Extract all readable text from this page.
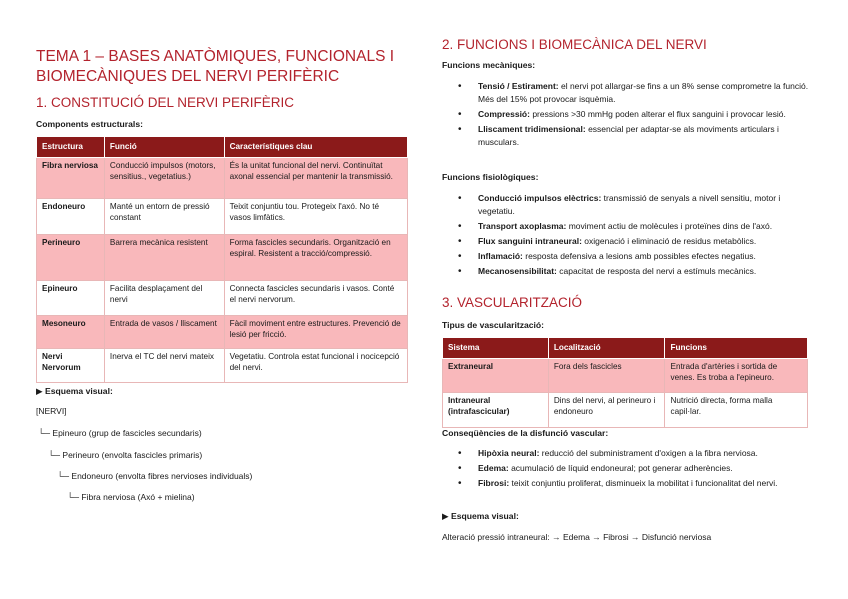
TEMA 1 – BASES ANATÒMIQUES, FUNCIONALS I
BIOMECÀNIQUES DEL NERVI PERIFÈRIC
1. CONSTITUCIÓ DEL NERVI PERIFÈRIC

Components estructurals:

Estructura	Funció	Característiques clau
Fibra nerviosa	Conducció impulsos (motors, sensitius., vegetatius.)	És la unitat funcional del nervi. Continuïtat axonal essencial per mantenir la transmissió.
Endoneuro	Manté un entorn de pressió constant	Teixit conjuntiu tou. Protegeix l'axó. No té vasos limfàtics.
Perineuro	Barrera mecànica resistent	Forma fascicles secundaris. Organització en espiral. Resistent a tracció/compressió.
Epineuro	Facilita desplaçament del nervi	Connecta fascicles secundaris i vasos. Conté el nervi nervorum.
Mesoneuro	Entrada de vasos / lliscament	Fàcil moviment entre estructures. Prevenció de lesió per fricció.
Nervi Nervorum	Inerva el TC del nervi mateix	Vegetatiu. Controla estat funcional i nocicepció del nervi.

▶ Esquema visual:

[NERVI]
└─ Epineuro (grup de fascicles secundaris)
└─ Perineuro (envolta fascicles primaris)
└─ Endoneuro (envolta fibres nervioses individuals)
└─ Fibra nerviosa (Axó + mielina)
2. FUNCIONS I BIOMECÀNICA DEL NERVI

Funcions mecàniques:

• Tensió / Estirament: el nervi pot allargar-se fins a un 8% sense comprometre la funció. Més del 15% pot provocar isquèmia.
• Compressió: pressions >30 mmHg poden alterar el flux sanguini i provocar lesió.
• Lliscament tridimensional: essencial per adaptar-se als moviments articulars i musculars.

Funcions fisiològiques:

• Conducció impulsos elèctrics: transmissió de senyals a nivell sensitiu, motor i vegetatiu.
• Transport axoplasma: moviment actiu de molècules i proteïnes dins de l'axó.
• Flux sanguini intraneural: oxigenació i eliminació de residus metabòlics.
• Inflamació: resposta defensiva a lesions amb possibles efectes negatius.
• Mecanosensibilitat: capacitat de resposta del nervi a estímuls mecànics.
3. VASCULARITZACIÓ

Tipus de vascularització:

Sistema	Localització	Funcions
Extraneural	Fora dels fascicles	Entrada d'artèries i sortida de venes. Es troba a l'epineuro.
Intraneural (intrafascicular)	Dins del nervi, al perineuro i endoneuro	Nutrició directa, forma malla capil·lar.

Conseqüències de la disfunció vascular:

• Hipòxia neural: reducció del subministrament d'oxigen a la fibra nerviosa.
• Edema: acumulació de líquid endoneural; pot generar adherències.
• Fibrosi: teixit conjuntiu proliferat, disminueix la mobilitat i funcionalitat del nervi.

▶ Esquema visual:

Alteració pressió intraneural: → Edema → Fibrosi → Disfunció nerviosa
